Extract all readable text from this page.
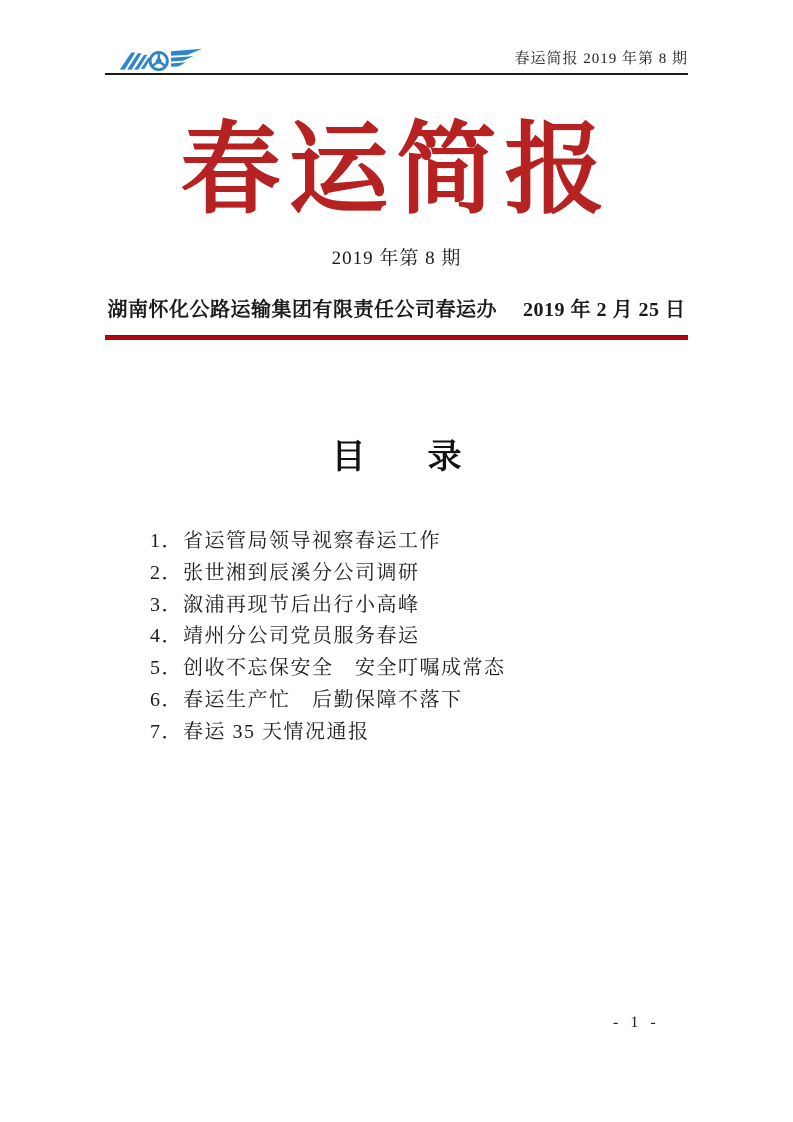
春运简报 2019 年第 8 期
春运简报
2019 年第 8 期
湖南怀化公路运输集团有限责任公司春运办　 2019 年 2 月 25 日
目 录
1．省运管局领导视察春运工作
2．张世湘到辰溪分公司调研
3．溆浦再现节后出行小高峰
4．靖州分公司党员服务春运
5．创收不忘保安全　安全叮嘱成常态
6．春运生产忙　后勤保障不落下
7．春运 35 天情况通报
- 1 -
